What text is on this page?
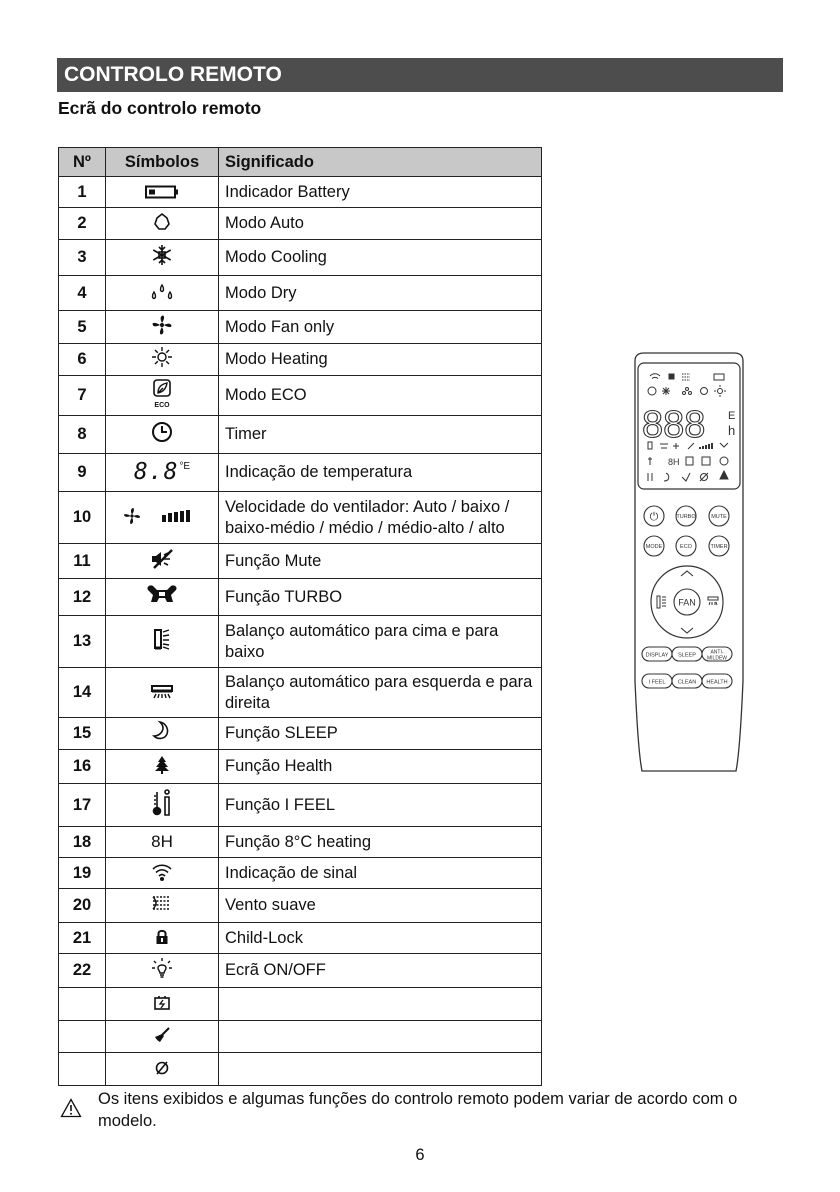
CONTROLO REMOTO
Ecrã do controlo remoto
Nº	Símbolos	Significado
1		Indicador Battery
2		Modo Auto
3		Modo Cooling
4		Modo Dry
5		Modo Fan only
6		Modo Heating
7	ECO	Modo ECO
8		Timer
9	8.8 °E	Indicação de temperatura
10		Velocidade do ventilador: Auto / baixo / baixo-médio / médio / médio-alto / alto
11		Função Mute
12		Função TURBO
13		Balanço automático para cima e para baixo
14		Balanço automático para esquerda e para direita
15		Função SLEEP
16		Função Health
17		Função I FEEL
18	8H	Função 8°C heating
19		Indicação de sinal
20		Vento suave
21		Child-Lock
22		Ecrã ON/OFF

888 E
h
8H
⏻	TURBO	MUTE
MODE	ECO	TIMER
FAN
DISPLAY SLEEP	ANTI-
MILDEW
I FEEL CLEAN HEALTH
Os itens exibidos e algumas funções do controlo remoto podem variar de acordo com o modelo.
6
